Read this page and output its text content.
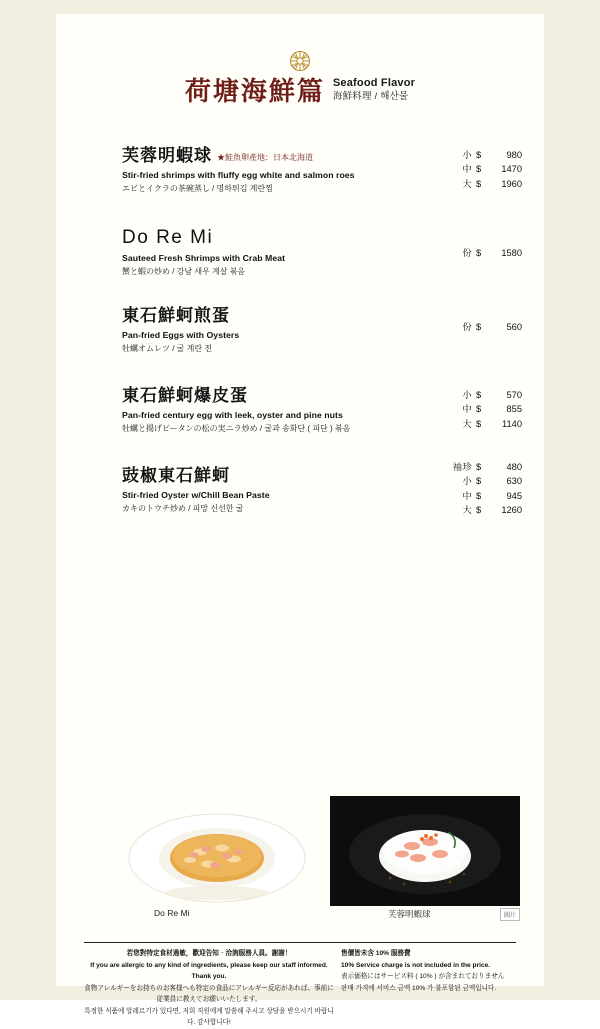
荷塘海鮮篇 Seafood Flavor
海鮮料理 / 해산물
芙蓉明蝦球 ★鮭魚卵產地：日本北海道
Stir-fried shrimps with fluffy egg white and salmon roes
エビとイクラの茶碗蒸し / 명하튀김 계란찜
小 $	980
中 $	1470
大 $	1960
Do Re Mi
Sauteed Fresh Shrimps with Crab Meat
蟹と蝦の炒め / 강남 새우 계살 볶음
份 $	1580
東石鮮蚵煎蛋
Pan-fried Eggs with Oysters
牡蠣オムレツ / 굴 계란 전
份 $	560
東石鮮蚵爆皮蛋
Pan-fried century egg with leek, oyster and pine nuts
牡蠣と揚げピータンの松の実ニラ炒め / 굴과 송화단 ( 피단 ) 볶음
小 $	570
中 $	855
大 $	1140
豉椒東石鮮蚵
Stir-fried Oyster w/Chill Bean Paste
カキのトウチ炒め / 피망 신선한 굴
袖珍 $	480
小 $	630
中 $	945
大 $	1260
Do Re Mi	芙蓉明蝦球	圖片
若您對特定食材過敏，歡迎告知‧洽詢服務人員。謝謝！
If you are allergic to any kind of ingredients, please keep our staff informed. Thank you.
食物アレルギーをお持ちのお客様へも特定の食品にアレルギー反応があれば、事前に従業員に教えてお願いいたします。
특정한 식품에 알레르기가 있다면, 저희 직원에게 말씀해 주시고 상담을 받으시기 바랍니다. 감사합니다!
售價皆未含 10% 服務費
10% Service charge is not included in the price.
表示価格にはサービス料 ( 10% ) が含まれておりません
판매 가격에 서비스 금액 10% 가 불포함된 금액입니다.
